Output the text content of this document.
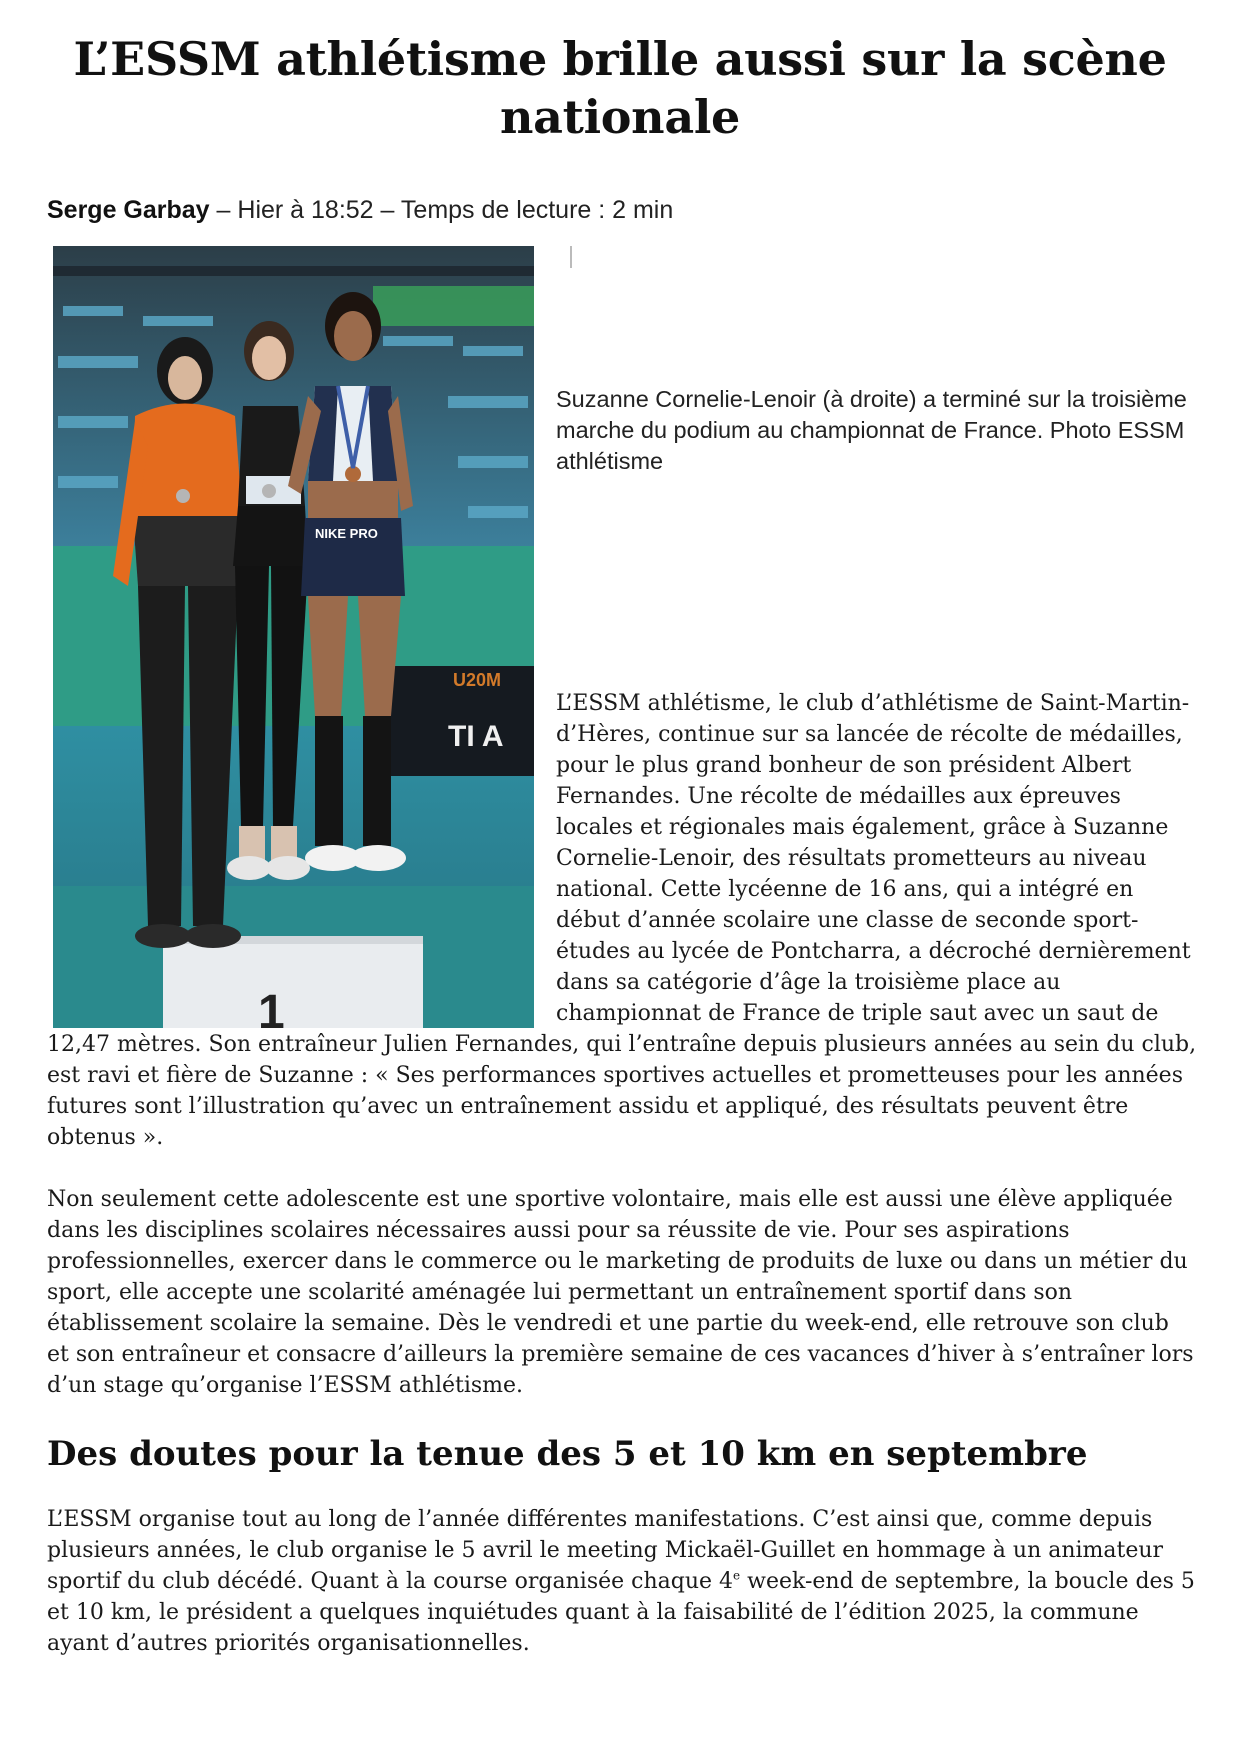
L’ESSM athlétisme brille aussi sur la scène nationale

Serge Garbay – Hier à 18:52 – Temps de lecture : 2 min

U20M
TI A
1
NIKE PRO

Suzanne Cornelie-Lenoir (à droite) a terminé sur la troisième marche du podium au championnat de France. Photo ESSM athlétisme

L’ESSM athlétisme, le club d’athlétisme de Saint-Martin-d’Hères, continue sur sa lancée de récolte de médailles, pour le plus grand bonheur de son président Albert Fernandes. Une récolte de médailles aux épreuves locales et régionales mais également, grâce à Suzanne Cornelie-Lenoir, des résultats prometteurs au niveau national. Cette lycéenne de 16 ans, qui a intégré en début d’année scolaire une classe de seconde sport-études au lycée de Pontcharra, a décroché dernièrement dans sa catégorie d’âge la troisième place au championnat de France de triple saut avec un saut de 12,47 mètres. Son entraîneur Julien Fernandes, qui l’entraîne depuis plusieurs années au sein du club, est ravi et fière de Suzanne : « Ses performances sportives actuelles et prometteuses pour les années futures sont l’illustration qu’avec un entraînement assidu et appliqué, des résultats peuvent être obtenus ».

Non seulement cette adolescente est une sportive volontaire, mais elle est aussi une élève appliquée dans les disciplines scolaires nécessaires aussi pour sa réussite de vie. Pour ses aspirations professionnelles, exercer dans le commerce ou le marketing de produits de luxe ou dans un métier du sport, elle accepte une scolarité aménagée lui permettant un entraînement sportif dans son établissement scolaire la semaine. Dès le vendredi et une partie du week-end, elle retrouve son club et son entraîneur et consacre d’ailleurs la première semaine de ces vacances d’hiver à s’entraîner lors d’un stage qu’organise l’ESSM athlétisme.

Des doutes pour la tenue des 5 et 10 km en septembre

L’ESSM organise tout au long de l’année différentes manifestations. C’est ainsi que, comme depuis plusieurs années, le club organise le 5 avril le meeting Mickaël-Guillet en hommage à un animateur sportif du club décédé. Quant à la course organisée chaque 4e week-end de septembre, la boucle des 5 et 10 km, le président a quelques inquiétudes quant à la faisabilité de l’édition 2025, la commune ayant d’autres priorités organisationnelles.
